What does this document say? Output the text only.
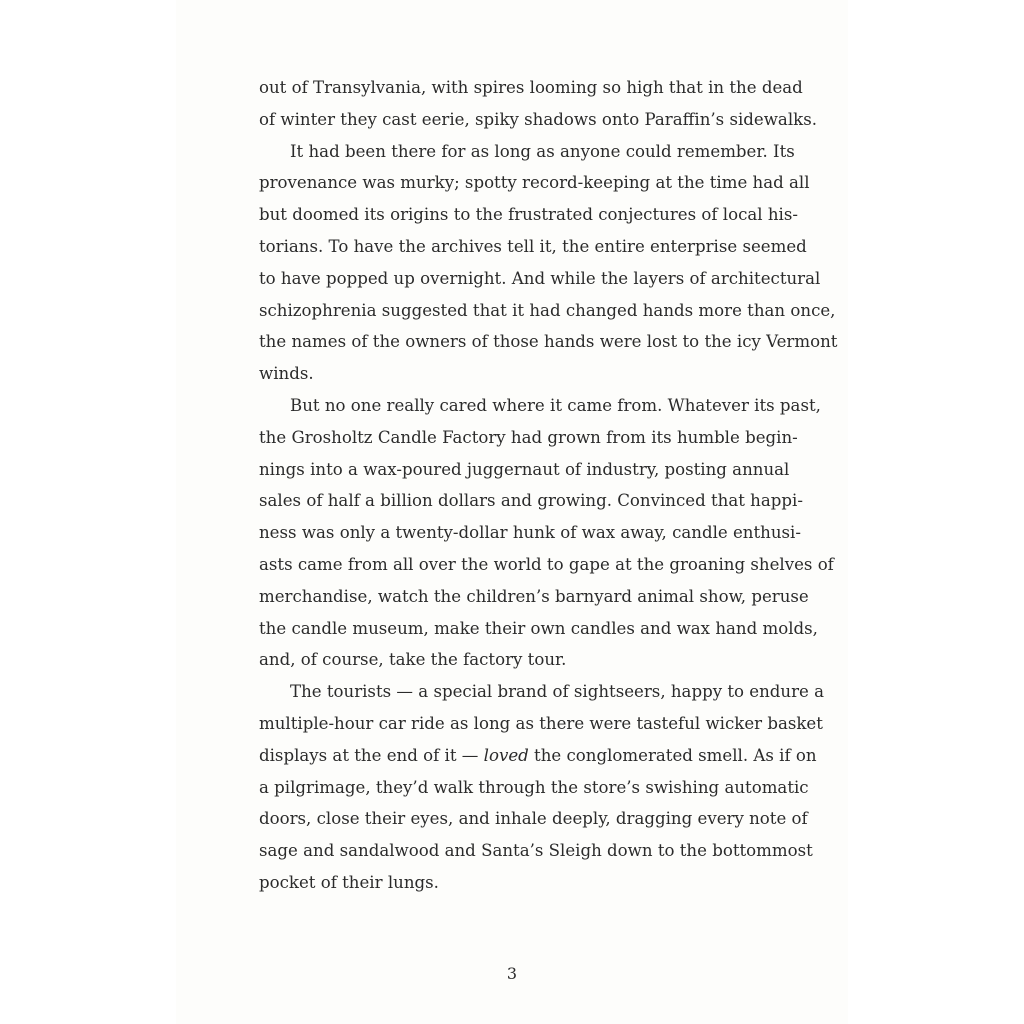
out of Transylvania, with spires looming so high that in the dead
of winter they cast eerie, spiky shadows onto Paraffin’s sidewalks.
It had been there for as long as anyone could remember. Its
provenance was murky; spotty record-keeping at the time had all
but doomed its origins to the frustrated conjectures of local his-
torians. To have the archives tell it, the entire enterprise seemed
to have popped up overnight. And while the layers of architectural
schizophrenia suggested that it had changed hands more than once,
the names of the owners of those hands were lost to the icy Vermont
winds.
But no one really cared where it came from. Whatever its past,
the Grosholtz Candle Factory had grown from its humble begin-
nings into a wax-poured juggernaut of industry, posting annual
sales of half a billion dollars and growing. Convinced that happi-
ness was only a twenty-dollar hunk of wax away, candle enthusi-
asts came from all over the world to gape at the groaning shelves of
merchandise, watch the children’s barnyard animal show, peruse
the candle museum, make their own candles and wax hand molds,
and, of course, take the factory tour.
The tourists — a special brand of sightseers, happy to endure a
multiple-hour car ride as long as there were tasteful wicker basket
displays at the end of it — loved the conglomerated smell. As if on
a pilgrimage, they’d walk through the store’s swishing automatic
doors, close their eyes, and inhale deeply, dragging every note of
sage and sandalwood and Santa’s Sleigh down to the bottommost
pocket of their lungs.
3
